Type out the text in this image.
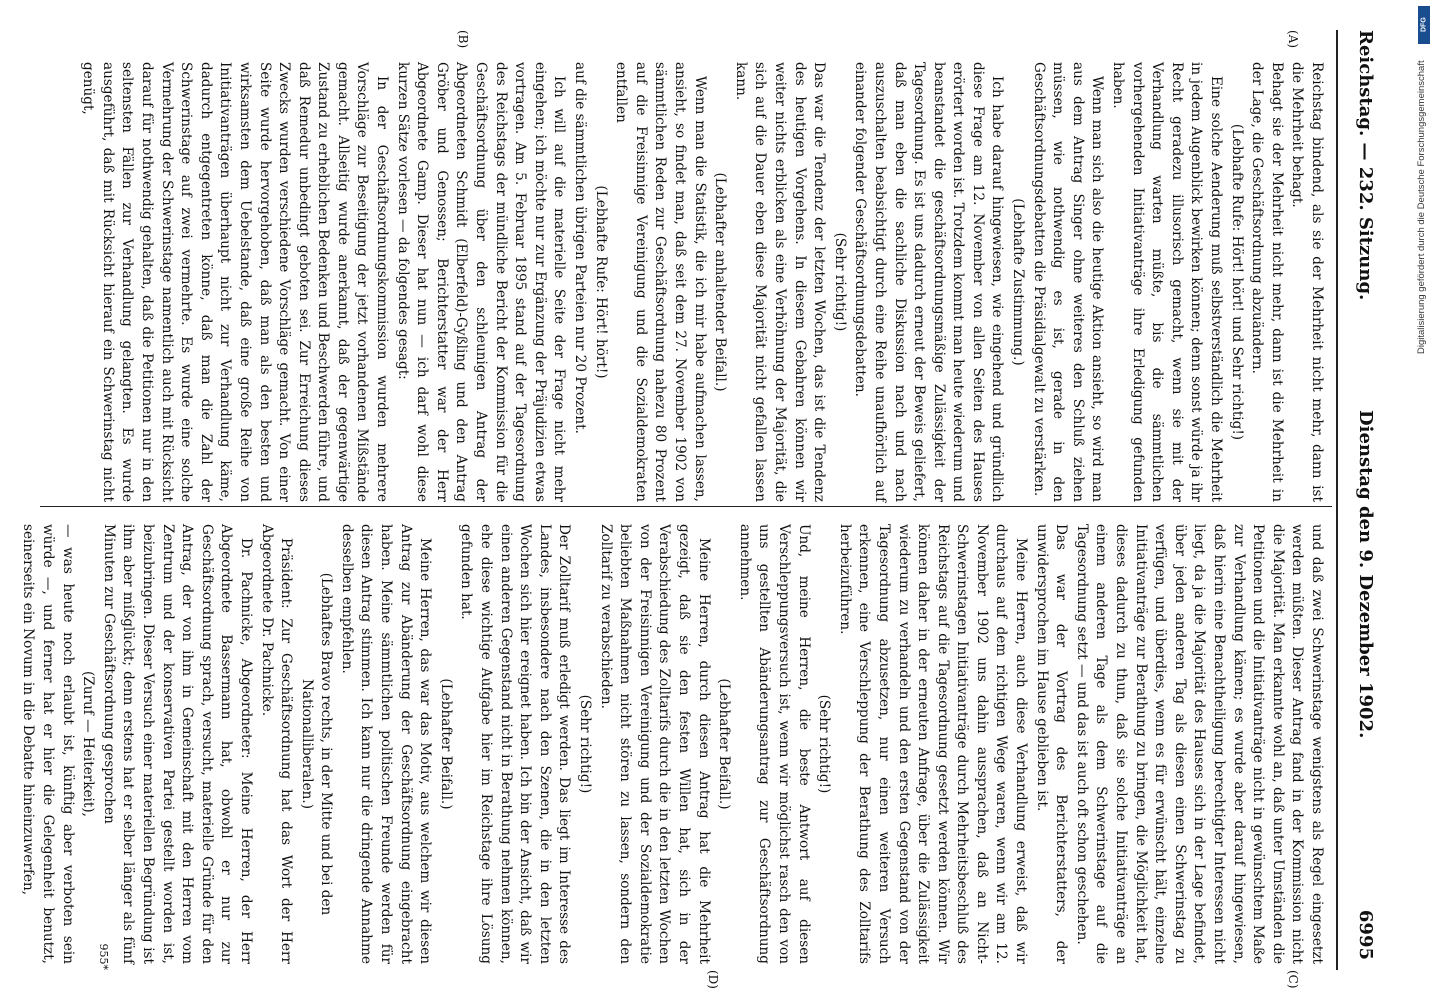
Reichstag. — 232. Sitzung.
Dienstag den 9. Dezember 1902.
6995
(A)
(B)
(C)
(D)

Reichstag bindend, als sie der Mehrheit nicht mehr, dann ist die Mehrheit behagt.

Behagt sie der Mehrheit nicht mehr, dann ist die Mehrheit in der Lage, die Geschäftsordnung abzuändern.

(Lebhafte Rufe: Hört! hört! und Sehr richtig!)

Eine solche Aenderung muß selbstverständlich die Mehrheit in jedem Augenblick bewirken können; denn sonst würde ja ihr Recht geradezu illusorisch gemacht, wenn sie mit der Verhandlung warten müßte, bis die sämmtlichen vorhergehenden Initiativanträge ihre Erledigung gefunden haben.

Wenn man sich also die heutige Aktion ansieht, so wird man aus dem Antrag Singer ohne weiteres den Schluß ziehen müssen, wie nothwendig es ist, gerade in den Geschäftsordnungsdebatten die Präsidialgewalt zu verstärken.

(Lebhafte Zustimmung.)

Ich habe darauf hingewiesen, wie eingehend und gründlich diese Frage am 12. November von allen Seiten des Hauses erörtert worden ist. Trotzdem kommt man heute wiederum und beanstandet die geschäftsordnungsmäßige Zulässigkeit der Tagesordnung. Es ist uns dadurch erneut der Beweis geliefert, daß man eben die sachliche Diskussion nach und nach auszuschalten beabsichtigt durch eine Reihe unaufhörlich auf einander folgender Geschäftsordnungsdebatten.

(Sehr richtig!)

Das war die Tendenz der letzten Wochen, das ist die Tendenz des heutigen Vorgehens. In diesem Gebahren können wir weiter nichts erblicken als eine Verhöhnung der Majorität, die sich auf die Dauer eben diese Majorität nicht gefallen lassen kann.

(Lebhafter anhaltender Beifall.)

Wenn man die Statistik, die ich mir habe aufmachen lassen, ansieht, so findet man, daß seit dem 27. November 1902 von sämmtlichen Reden zur Geschäftsordnung nahezu 80 Prozent auf die Freisinnige Vereinigung und die Sozialdemokraten entfallen

(Lebhafte Rufe: Hört! hört!)

auf die sämmtlichen übrigen Parteien nur 20 Prozent.

Ich will auf die materielle Seite der Frage nicht mehr eingehen; ich möchte nur zur Ergänzung der Präjudizien etwas vortragen. Am 5. Februar 1895 stand auf der Tagesordnung des Reichstags der mündliche Bericht der Kommission für die Geschäftsordnung über den schleunigen Antrag der Abgeordneten Schmidt (Elberfeld)-Gyßling und den Antrag Gröber und Genossen; Berichterstatter war der Herr Abgeordnete Gamp. Dieser hat nun — ich darf wohl diese kurzen Sätze vorlesen — da folgendes gesagt:

In der Geschäftsordnungskommission wurden mehrere Vorschläge zur Beseitigung der jetzt vorhandenen Mißstände gemacht. Allseitig wurde anerkannt, daß der gegenwärtige Zustand zu erheblichen Bedenken und Beschwerden führe, und daß Remedur unbedingt geboten sei. Zur Erreichung dieses Zwecks wurden verschiedene Vorschläge gemacht. Von einer Seite wurde hervorgehoben, daß man als den besten und wirksamsten dem Uebelstande, daß eine große Reihe von Initiativanträgen überhaupt nicht zur Verhandlung käme, dadurch entgegentreten könne, daß man die Zahl der Schwerinstage auf zwei vermehrte. Es wurde eine solche Vermehrung der Schwerinstage namentlich auch mit Rücksicht darauf für nothwendig gehalten, daß die Petitionen nur in den seltensten Fällen zur Verhandlung gelangten. Es wurde ausgeführt, daß mit Rücksicht hierauf ein Schwerinstag nicht genügt,

und daß zwei Schwerinstage wenigstens als Regel eingesetzt werden müßten. Dieser Antrag fand in der Kommission nicht die Majorität. Man erkannte wohl an, daß unter Umständen die Petitionen und die Initiativanträge nicht in gewünschtem Maße zur Verhandlung kämen; es wurde aber darauf hingewiesen, daß hierin eine Benachtheiligung berechtigter Interessen nicht liegt, da ja die Majorität des Hauses sich in der Lage befindet, über jeden anderen Tag als diesen einen Schwerinstag zu verfügen, und überdies, wenn es für erwünscht hält, einzelne Initiativanträge zur Berathung zu bringen, die Möglichkeit hat, dieses dadurch zu thun, daß sie solche Initiativanträge an einem anderen Tage als dem Schwerinstage auf die Tagesordnung setzt — und das ist auch oft schon geschehen.

Das war der Vortrag des Berichterstatters, der unwidersprochen im Hause geblieben ist.

Meine Herren, auch diese Verhandlung erweist, daß wir durchaus auf dem richtigen Wege waren, wenn wir am 12. November 1902 uns dahin aussprachen, daß an Nicht-Schwerinstagen Initiativanträge durch Mehrheitsbeschluß des Reichstags auf die Tagesordnung gesetzt werden können. Wir können daher in der erneuten Anfrage, über die Zulässigkeit wiederum zu verhandeln und den ersten Gegenstand von der Tagesordnung abzusetzen, nur einen weiteren Versuch erkennen, eine Verschleppung der Berathung des Zolltarifs herbeizuführen.

(Sehr richtig!)

Und, meine Herren, die beste Antwort auf diesen Verschleppungsversuch ist, wenn wir möglichst rasch den von uns gestellten Abänderungsantrag zur Geschäftsordnung annehmen.

(Lebhafter Beifall.)

Meine Herren, durch diesen Antrag hat die Mehrheit gezeigt, daß sie den festen Willen hat, sich in der Verabschiedung des Zolltarifs durch die in den letzten Wochen von der Freisinnigen Vereinigung und der Sozialdemokratie beliebten Maßnahmen nicht stören zu lassen, sondern den Zolltarif zu verabschieden.

(Sehr richtig!)

Der Zolltarif muß erledigt werden. Das liegt im Interesse des Landes, insbesondere nach den Szenen, die in den letzten Wochen sich hier ereignet haben. Ich bin der Ansicht, daß wir einen anderen Gegenstand nicht in Berathung nehmen können, ehe diese wichtige Aufgabe hier im Reichstage ihre Lösung gefunden hat.

(Lebhafter Beifall.)

Meine Herren, das war das Motiv, aus welchem wir diesen Antrag zur Abänderung der Geschäftsordnung eingebracht haben. Meine sämmtlichen politischen Freunde werden für diesen Antrag stimmen. Ich kann nur die dringende Annahme desselben empfehlen.

(Lebhaftes Bravo rechts, in der Mitte und bei den Nationalliberalen.)

Präsident: Zur Geschäftsordnung hat das Wort der Herr Abgeordnete Dr. Pachnicke.

Dr. Pachnicke, Abgeordneter: Meine Herren, der Herr Abgeordnete Bassermann hat, obwohl er nur zur Geschäftsordnung sprach, versucht, materielle Gründe für den Antrag, der von ihm in Gemeinschaft mit den Herren vom Zentrum und der konservativen Partei gestellt worden ist, beizubringen. Dieser Versuch einer materiellen Begründung ist ihm aber mißglückt; denn erstens hat er selber länger als fünf Minuten zur Geschäftsordnung gesprochen

(Zuruf — Heiterkeit),

— was heute noch erlaubt ist, künftig aber verboten sein würde —, und ferner hat er hier die Gelegenheit benutzt, seinerseits ein Novum in die Debatte hineinzuwerfen,

955*
DFG
Digitalisierung gefördert durch die Deutsche Forschungsgemeinschaft
